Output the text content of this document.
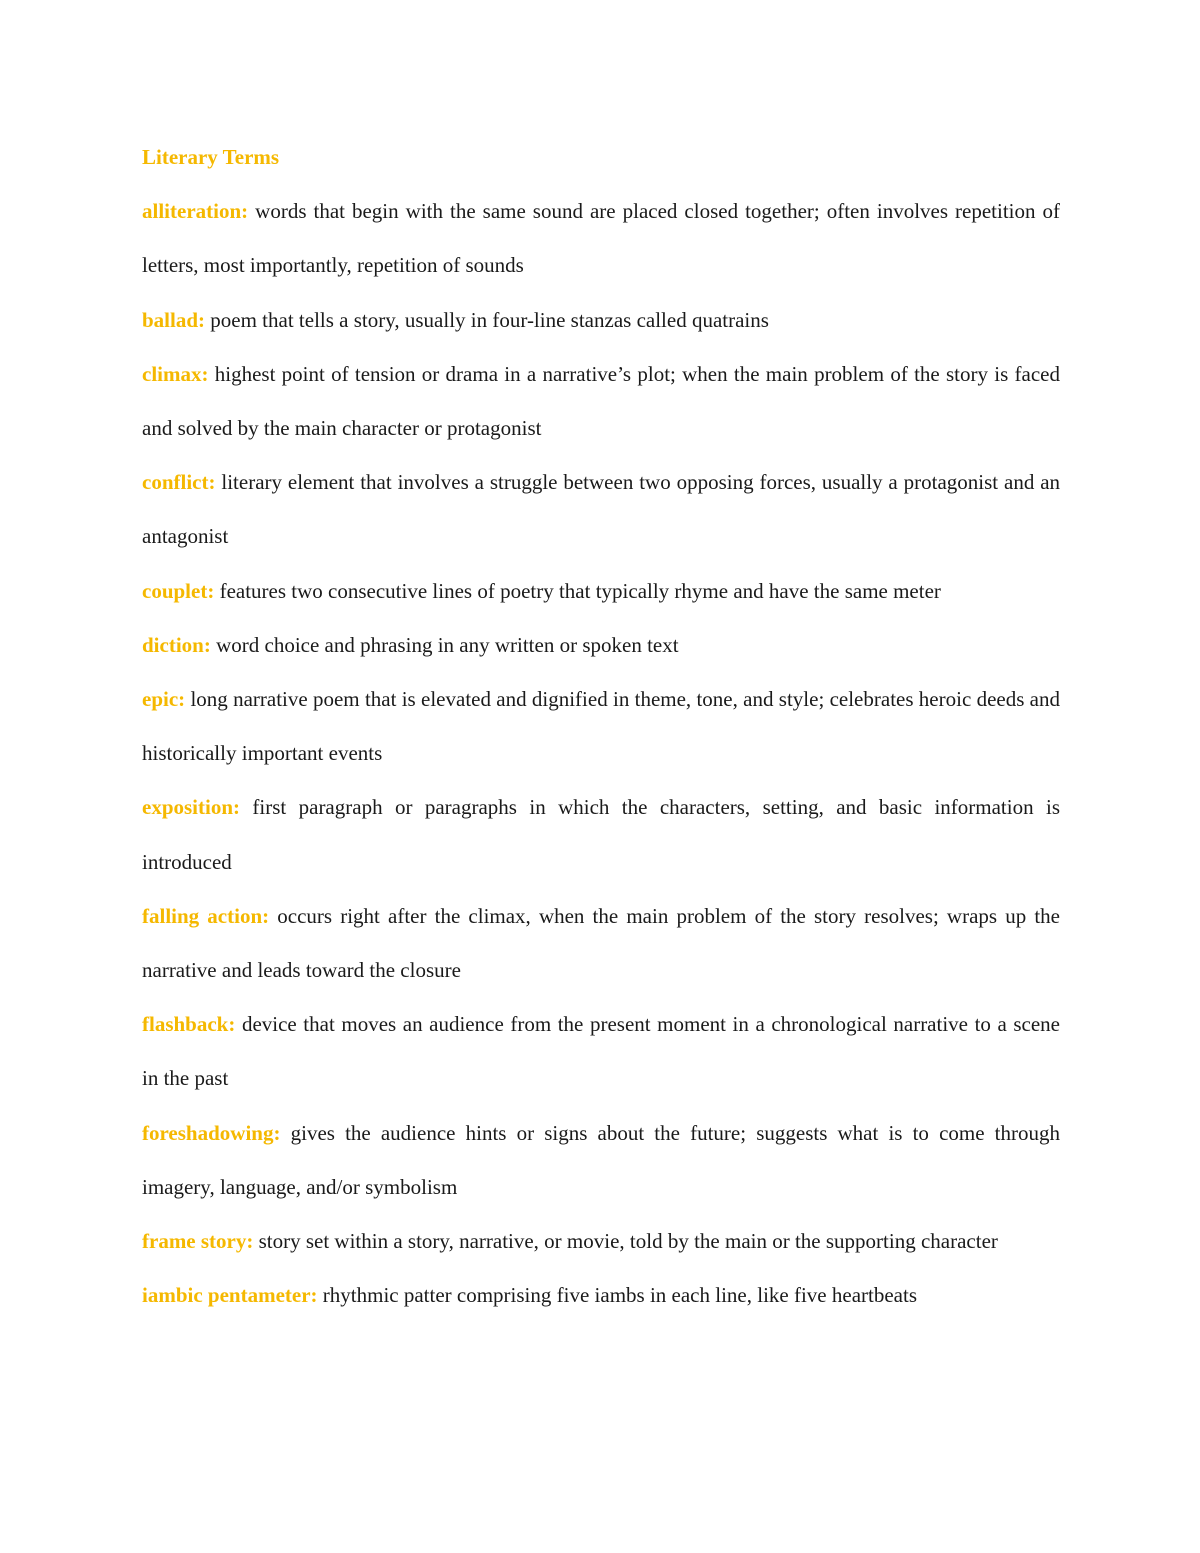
Literary Terms

alliteration: words that begin with the same sound are placed closed together; often involves repetition of letters, most importantly, repetition of sounds

ballad: poem that tells a story, usually in four-line stanzas called quatrains

climax: highest point of tension or drama in a narrative’s plot; when the main problem of the story is faced and solved by the main character or protagonist

conflict: literary element that involves a struggle between two opposing forces, usually a protagonist and an antagonist

couplet: features two consecutive lines of poetry that typically rhyme and have the same meter

diction: word choice and phrasing in any written or spoken text

epic: long narrative poem that is elevated and dignified in theme, tone, and style; celebrates heroic deeds and historically important events

exposition: first paragraph or paragraphs in which the characters, setting, and basic information is introduced

falling action: occurs right after the climax, when the main problem of the story resolves; wraps up the narrative and leads toward the closure

flashback: device that moves an audience from the present moment in a chronological narrative to a scene in the past

foreshadowing: gives the audience hints or signs about the future; suggests what is to come through imagery, language, and/or symbolism

frame story: story set within a story, narrative, or movie, told by the main or the supporting character

iambic pentameter: rhythmic patter comprising five iambs in each line, like five heartbeats
